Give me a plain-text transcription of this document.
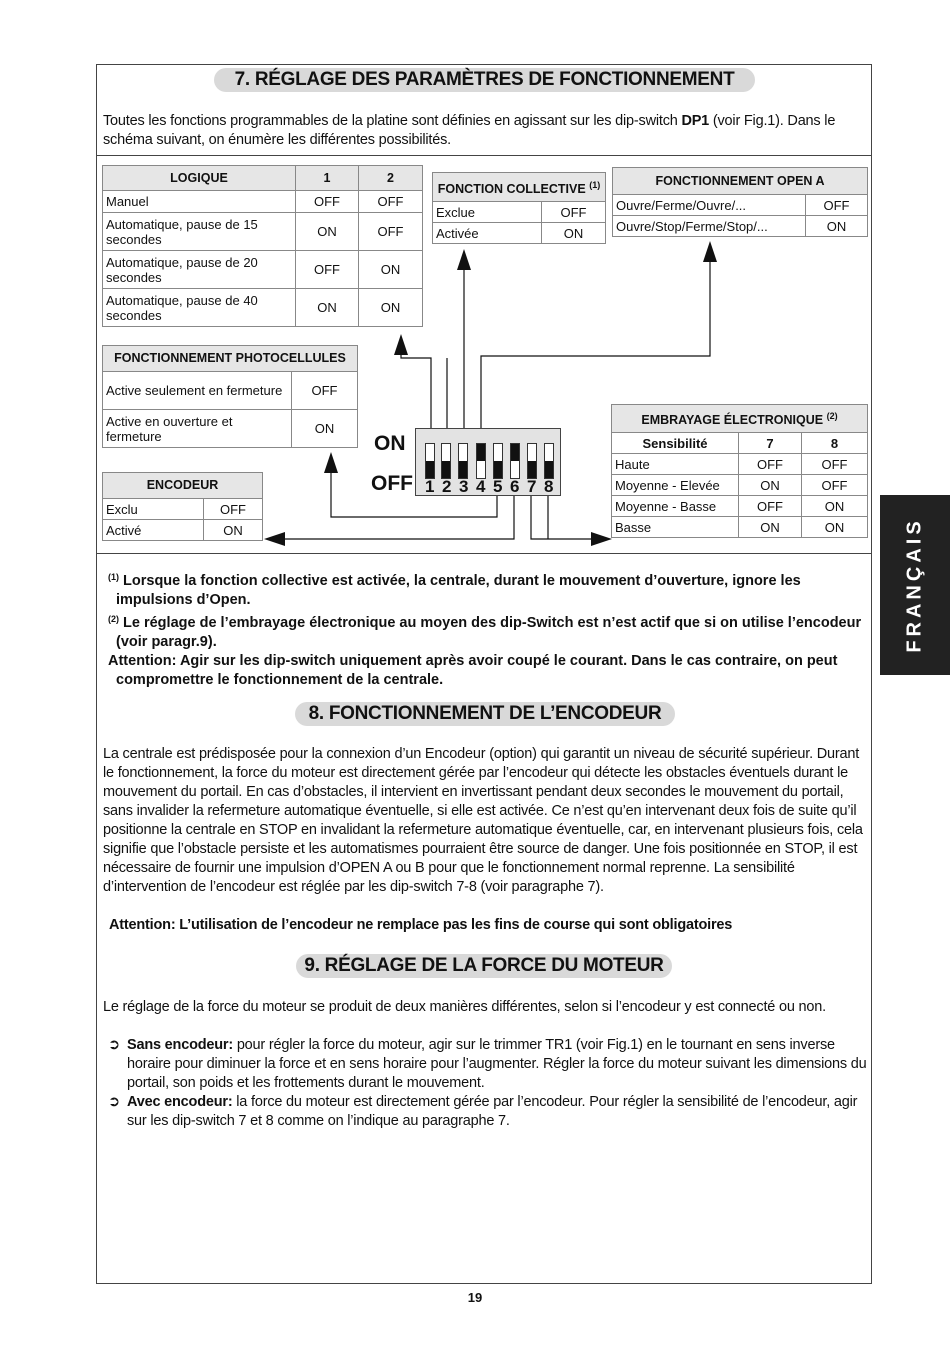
7. RÉGLAGE DES PARAMÈTRES DE FONCTIONNEMENT
Toutes les fonctions programmables de la platine sont définies en agissant sur les dip-switch DP1 (voir Fig.1). Dans le schéma suivant, on énumère les différentes possibilités.
LOGIQUE	1	2
Manuel	OFF	OFF
Automatique, pause de 15 secondes	ON	OFF
Automatique, pause de 20 secondes	OFF	ON
Automatique, pause de 40 secondes	ON	ON
FONCTION COLLECTIVE $^{(1)}$
Exclue	OFF
Activée	ON
FONCTIONNEMENT OPEN A	
Ouvre/Ferme/Ouvre/...	OFF
Ouvre/Stop/Ferme/Stop/...	ON
FONCTIONNEMENT PHOTOCELLULES	
Active seulement en fermeture	OFF
Active en ouverture et fermeture	ON
ENCODEUR	
Exclu	OFF
Activé	ON
EMBRAYAGE ÉLECTRONIQUE $^{(2)}$
Sensibilité	7	8
Haute	OFF	OFF
Moyenne - Elevée	ON	OFF
Moyenne - Basse	OFF	ON
Basse	ON	ON
ON
OFF 1 2 3 4 5 6 7 8
$^{(1)}$ Lorsque la fonction collective est activée, la centrale, durant le mouvement d’ouverture, ignore les impulsions d’Open.
$^{(2)}$ Le réglage de l’embrayage électronique au moyen des dip-Switch est n’est actif que si on utilise l’encodeur (voir paragr.9).
Attention: Agir sur les dip-switch uniquement après avoir coupé le courant. Dans le cas contraire, on peut compromettre le fonctionnement de la centrale.
8. FONCTIONNEMENT DE L’ENCODEUR
La centrale est prédisposée pour la connexion d’un Encodeur (option) qui garantit un niveau de sécurité supérieur. Durant le fonctionnement, la force du moteur est directement gérée par l’encodeur qui détecte les obstacles éventuels durant le mouvement du portail. En cas d’obstacles, il intervient en invertissant pendant deux secondes le mouvement du portail, sans invalider la refermeture automatique éventuelle, si elle est activée. Ce n’est qu’en intervenant deux fois de suite qu’il positionne la centrale en STOP en invalidant la refermeture automatique éventuelle, car, en intervenant plusieurs fois, cela signifie que l’obstacle persiste et les automatismes pourraient être source de danger. Une fois positionnée en STOP, il est nécessaire de fournir une impulsion d’OPEN A ou B pour que le fonctionnement normal reprenne. La sensibilité d’intervention de l’encodeur est réglée par les dip-switch 7-8 (voir paragraphe 7).
Attention: L’utilisation de l’encodeur ne remplace pas les fins de course qui sont obligatoires
9. RÉGLAGE DE LA FORCE DU MOTEUR
Le réglage de la force du moteur se produit de deux manières différentes, selon si l’encodeur y est connecté ou non.
➲ Sans encodeur: pour régler la force du moteur, agir sur le trimmer TR1 (voir Fig.1) en le tournant en sens inverse horaire pour diminuer la force et en sens horaire pour l’augmenter. Régler la force du moteur suivant les dimensions du portail, son poids et les frottements durant le mouvement.
➲ Avec encodeur: la force du moteur est directement gérée par l’encodeur. Pour régler la sensibilité de l’encodeur, agir sur les dip-switch 7 et 8 comme on l’indique au paragraphe 7.
FRANÇAIS
19
